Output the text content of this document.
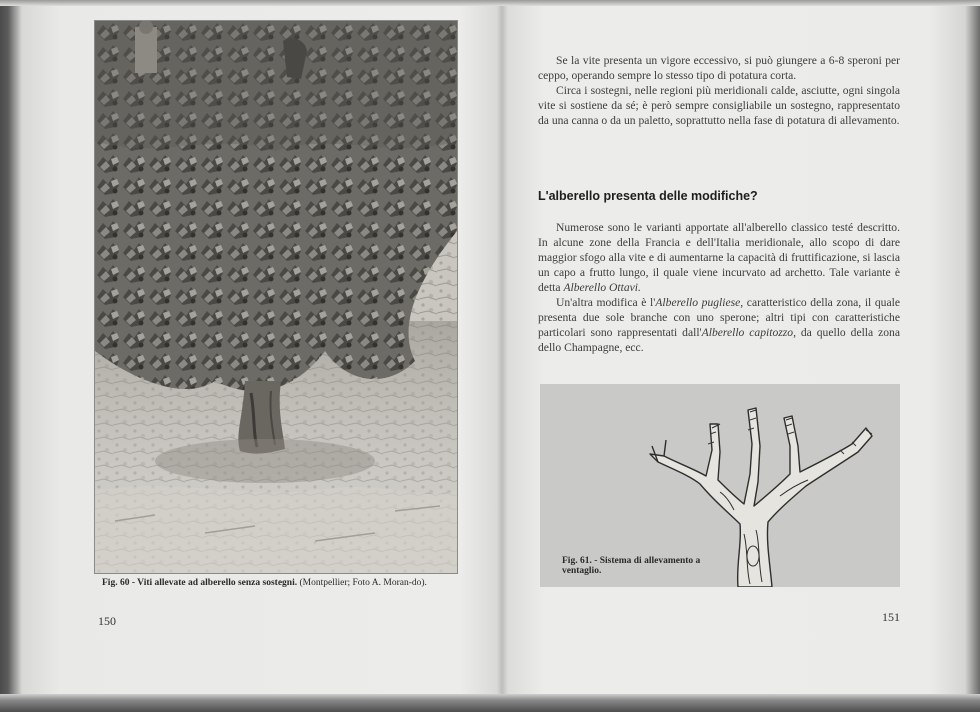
Fig. 60 - Viti allevate ad alberello senza sostegni. (Montpellier; Foto A. Moran-do).
150

Se la vite presenta un vigore eccessivo, si può giungere a 6-8 speroni per ceppo, operando sempre lo stesso tipo di potatura corta.

Circa i sostegni, nelle regioni più meridionali calde, asciutte, ogni singola vite si sostiene da sé; è però sempre consigliabile un sostegno, rappresentato da una canna o da un paletto, soprattutto nella fase di potatura di allevamento.

L'alberello presenta delle modifiche?

Numerose sono le varianti apportate all'alberello classico testé descritto. In alcune zone della Francia e dell'Italia meridionale, allo scopo di dare maggior sfogo alla vite e di aumentarne la capacità di fruttificazione, si lascia un capo a frutto lungo, il quale viene incurvato ad archetto. Tale variante è detta Alberello Ottavi.

Un'altra modifica è l'Alberello pugliese, caratteristico della zona, il quale presenta due sole branche con uno sperone; altri tipi con caratteristiche particolari sono rappresentati dall'Alberello capitozzo, da quello della zona dello Champagne, ecc.

Fig. 61. - Sistema di allevamento a ventaglio.
151
